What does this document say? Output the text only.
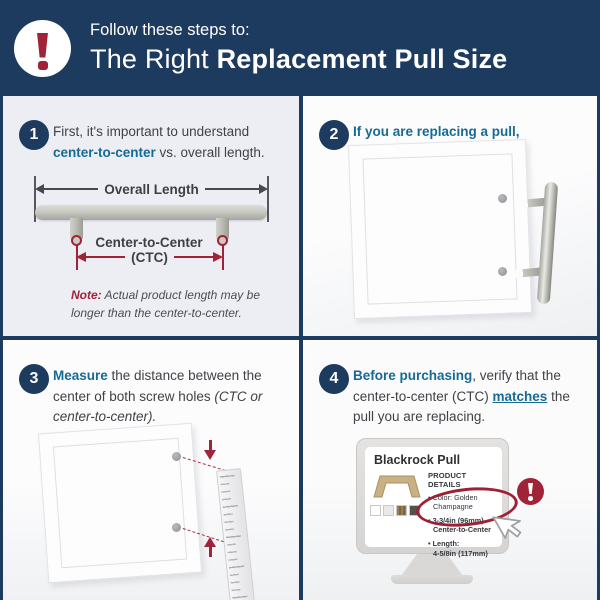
Follow these steps to:
The Right Replacement Pull Size
1	First, it's important to understand center-to-center vs. overall length.

Overall Length
Center-to-Center
(CTC)

Note: Actual product length may be longer than the center-to-center.

2	If you are replacing a pull,

3	Measure the distance between the center of both screw holes (CTC or center-to-center).

4	Before purchasing, verify that the center-to-center (CTC) matches the pull you are replacing.

Blackrock Pull
PRODUCT DETAILS
• Color: Golden
Champagne
• 3-3/4in (96mm)
Center-to-Center
• Length:
4-5/8in (117mm)
